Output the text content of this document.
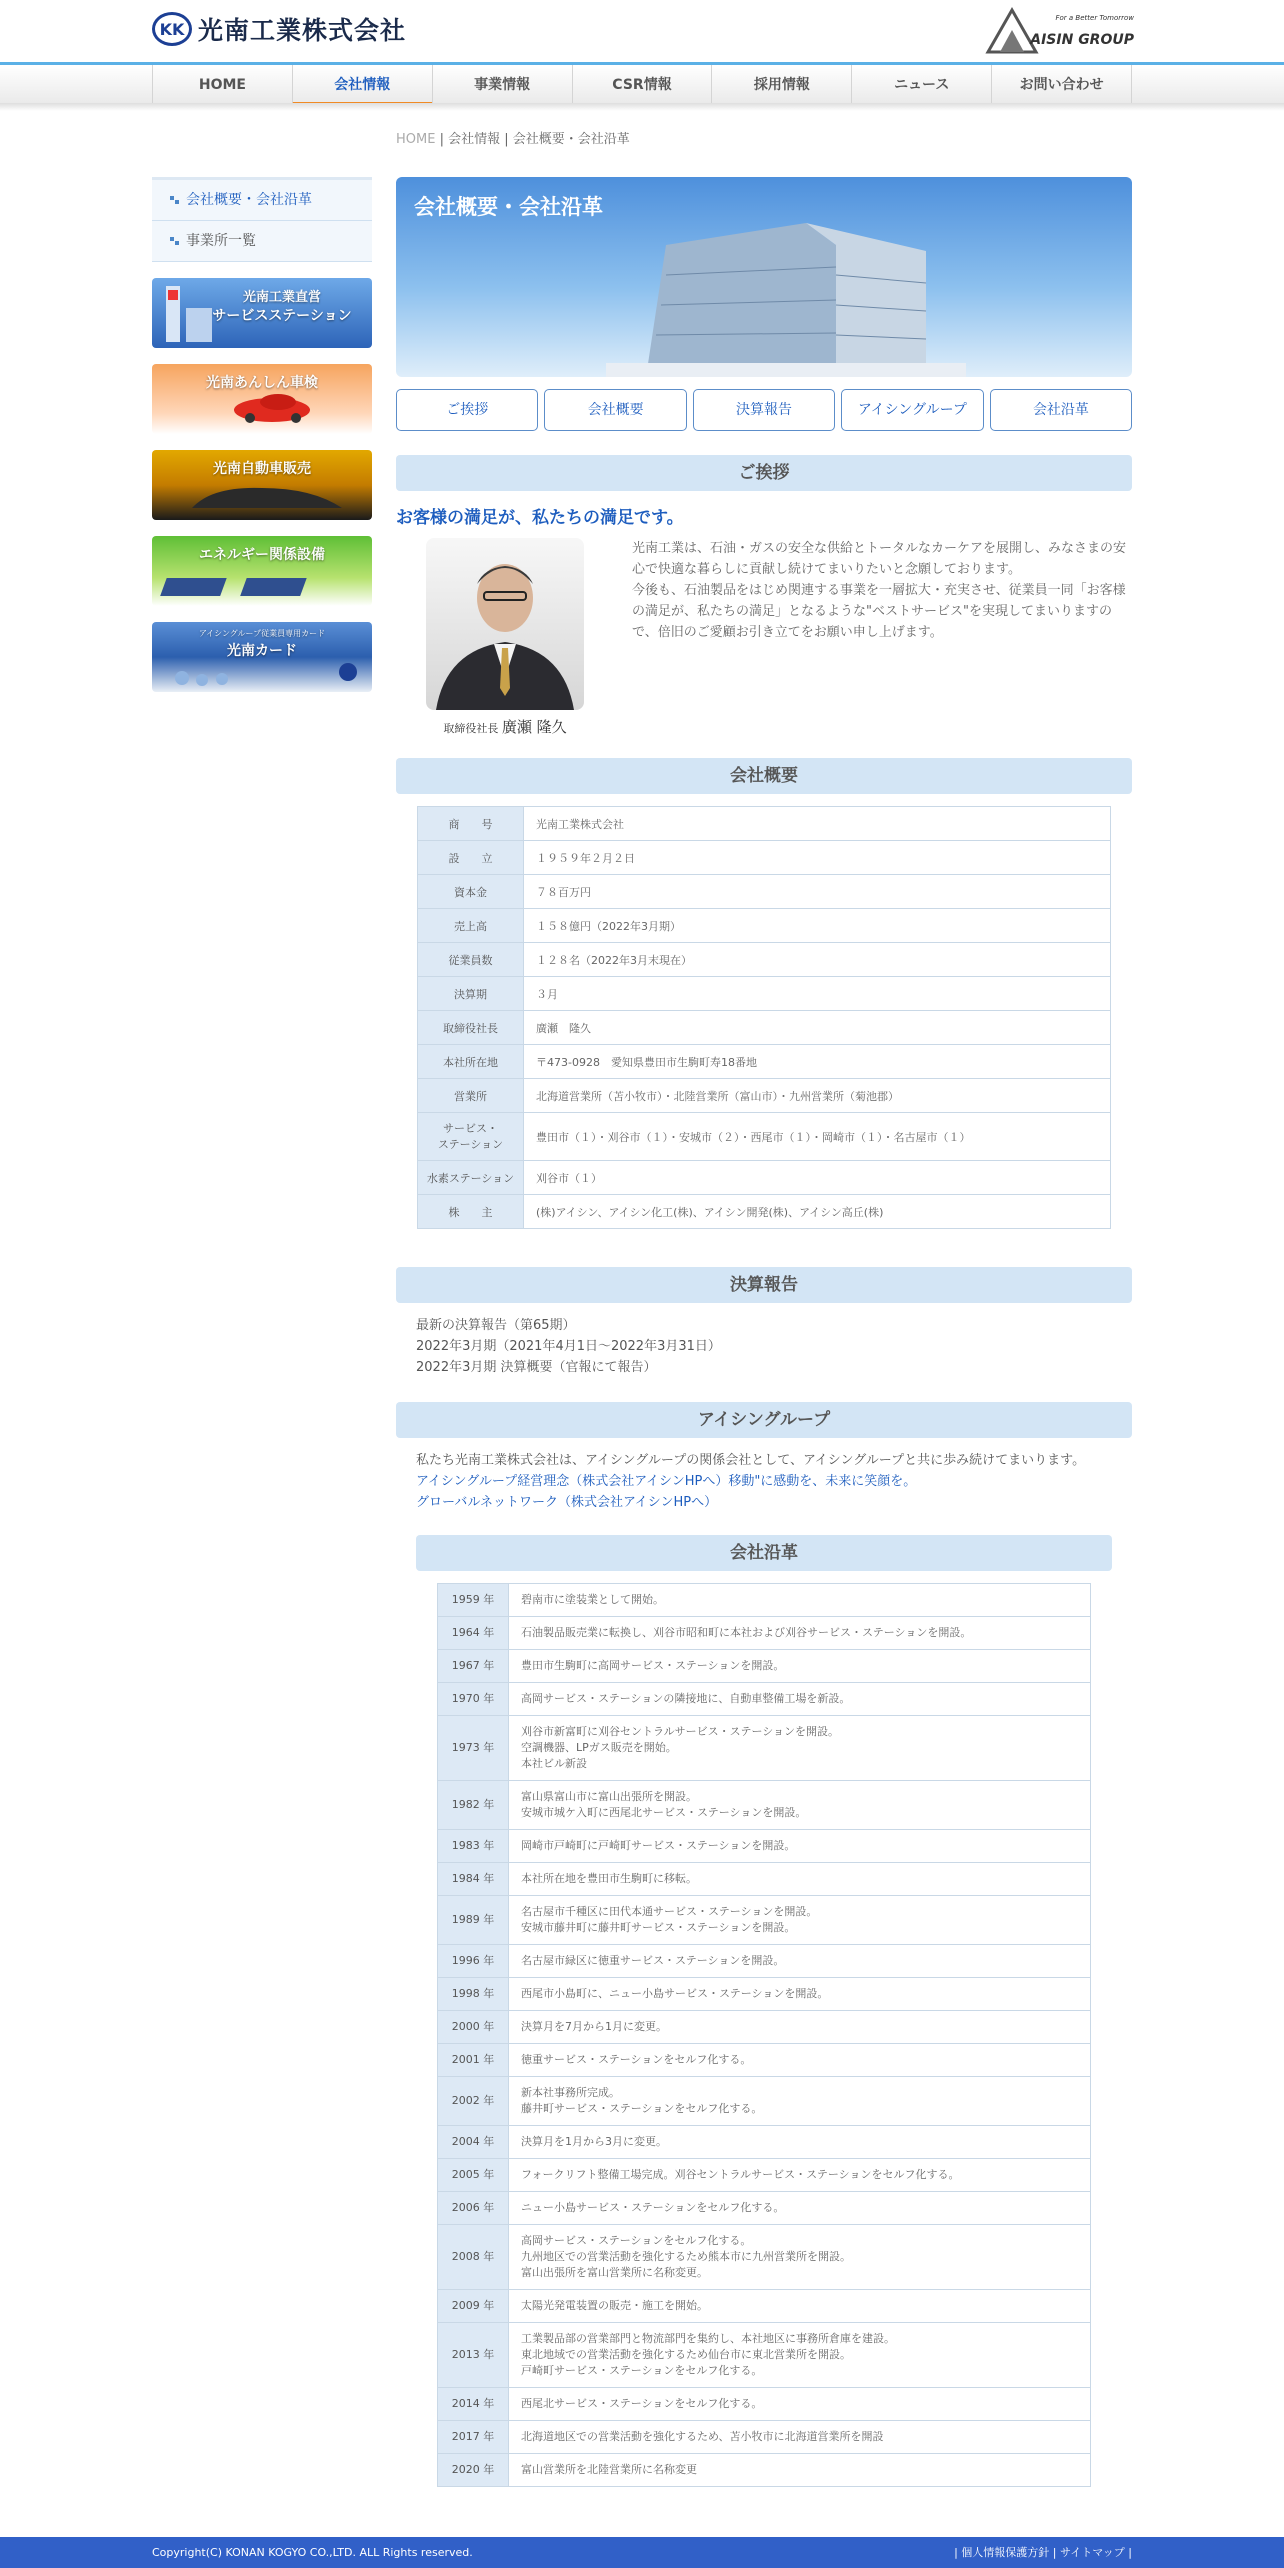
KK 光南工業株式会社	For a Better Tomorrow
AISIN GROUP
HOME	会社情報	事業情報	CSR情報	採用情報	ニュース	お問い合わせ
HOME | 会社情報 | 会社概要・会社沿革
会社概要・会社沿革
事業所一覧
光南工業直営
サービスステーション
光南あんしん車検
光南自動車販売
エネルギー関係設備
アイシングループ従業員専用カード
光南カード
会社概要・会社沿革
ご挨拶	会社概要	決算報告	アイシングループ	会社沿革
ご挨拶
お客様の満足が、私たちの満足です。
取締役社長 廣瀬 隆久
光南工業は、石油・ガスの安全な供給とトータルなカーケアを展開し、みなさまの安心で快適な暮らしに貢献し続けてまいりたいと念願しております。
今後も、石油製品をはじめ関連する事業を一層拡大・充実させ、従業員一同「お客様の満足が、私たちの満足」となるような"ベストサービス"を実現してまいりますので、倍旧のご愛顧お引き立てをお願い申し上げます。
会社概要
商　　号	光南工業株式会社
設　　立	１９５９年２月２日
資本金	７８百万円
売上高	１５８億円（2022年3月期）
従業員数	１２８名（2022年3月末現在）
決算期	３月
取締役社長	廣瀬　隆久
本社所在地	〒473-0928　愛知県豊田市生駒町寿18番地
営業所	北海道営業所（苫小牧市）・北陸営業所（富山市）・九州営業所（菊池郡）
サービス・
ステーション	豊田市（１）・刈谷市（１）・安城市（２）・西尾市（１）・岡崎市（１）・名古屋市（１）
水素ステーション	刈谷市（１）
株　　主	(株)アイシン、アイシン化工(株)、アイシン開発(株)、アイシン高丘(株)
決算報告
最新の決算報告（第65期）
2022年3月期（2021年4月1日〜2022年3月31日）
2022年3月期 決算概要（官報にて報告）
アイシングループ
私たち光南工業株式会社は、アイシングループの関係会社として、アイシングループと共に歩み続けてまいります。
アイシングループ経営理念（株式会社アイシンHPへ）移動"に感動を、未来に笑顔を。
グローバルネットワーク（株式会社アイシンHPへ）
会社沿革
1959 年	碧南市に塗装業として開始。
1964 年	石油製品販売業に転換し、刈谷市昭和町に本社および刈谷サービス・ステーションを開設。
1967 年	豊田市生駒町に高岡サービス・ステーションを開設。
1970 年	高岡サービス・ステーションの隣接地に、自動車整備工場を新設。
1973 年	刈谷市新富町に刈谷セントラルサービス・ステーションを開設。
空調機器、LPガス販売を開始。
本社ビル新設
1982 年	富山県富山市に富山出張所を開設。
安城市城ケ入町に西尾北サービス・ステーションを開設。
1983 年	岡崎市戸崎町に戸崎町サービス・ステーションを開設。
1984 年	本社所在地を豊田市生駒町に移転。
1989 年	名古屋市千種区に田代本通サービス・ステーションを開設。
安城市藤井町に藤井町サービス・ステーションを開設。
1996 年	名古屋市緑区に徳重サービス・ステーションを開設。
1998 年	西尾市小島町に、ニュー小島サービス・ステーションを開設。
2000 年	決算月を7月から1月に変更。
2001 年	徳重サービス・ステーションをセルフ化する。
2002 年	新本社事務所完成。
藤井町サービス・ステーションをセルフ化する。
2004 年	決算月を1月から3月に変更。
2005 年	フォークリフト整備工場完成。刈谷セントラルサービス・ステーションをセルフ化する。
2006 年	ニュー小島サービス・ステーションをセルフ化する。
2008 年	高岡サービス・ステーションをセルフ化する。
九州地区での営業活動を強化するため熊本市に九州営業所を開設。
富山出張所を富山営業所に名称変更。
2009 年	太陽光発電装置の販売・施工を開始。
2013 年	工業製品部の営業部門と物流部門を集約し、本社地区に事務所倉庫を建設。
東北地域での営業活動を強化するため仙台市に東北営業所を開設。
戸崎町サービス・ステーションをセルフ化する。
2014 年	西尾北サービス・ステーションをセルフ化する。
2017 年	北海道地区での営業活動を強化するため、苫小牧市に北海道営業所を開設
2020 年	富山営業所を北陸営業所に名称変更
Copyright(C) KONAN KOGYO CO.,LTD. ALL Rights reserved.	| 個人情報保護方針 | サイトマップ |
